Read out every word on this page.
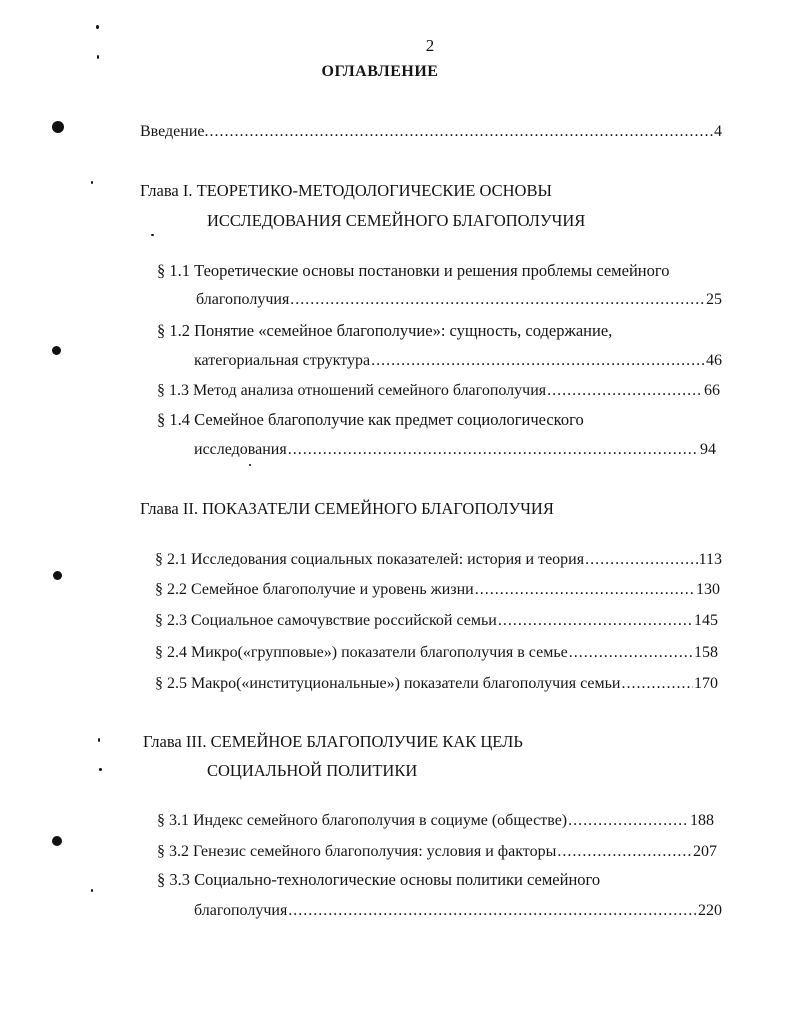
2
ОГЛАВЛЕНИЕ
Введение. .....	4
Глава I. ТЕОРЕТИКО-МЕТОДОЛОГИЧЕСКИЕ ОСНОВЫ
ИССЛЕДОВАНИЯ СЕМЕЙНОГО БЛАГОПОЛУЧИЯ
§ 1.1 Теоретические основы постановки и решения проблемы семейного
благополучия .....	25
§ 1.2 Понятие «семейное благополучие»: сущность, содержание,
категориальная структура .....	46
§ 1.3 Метод анализа отношений семейного благополучия .....	66
§ 1.4 Семейное благополучие как предмет социологического
исследования .....	94
Глава II. ПОКАЗАТЕЛИ СЕМЕЙНОГО БЛАГОПОЛУЧИЯ
§ 2.1 Исследования социальных показателей: история и теория .....	113
§ 2.2 Семейное благополучие и уровень жизни .....	130
§ 2.3 Социальное самочувствие российской семьи .....	145
§ 2.4 Микро(«групповые») показатели благополучия в семье .....	158
§ 2.5 Макро(«институциональные») показатели благополучия семьи .....	170
Глава III. СЕМЕЙНОЕ БЛАГОПОЛУЧИЕ КАК ЦЕЛЬ
СОЦИАЛЬНОЙ ПОЛИТИКИ
§ 3.1 Индекс семейного благополучия в социуме (обществе) .....	188
§ 3.2 Генезис семейного благополучия: условия и факторы .....	207
§ 3.3 Социально-технологические основы политики семейного
благополучия .....	220
